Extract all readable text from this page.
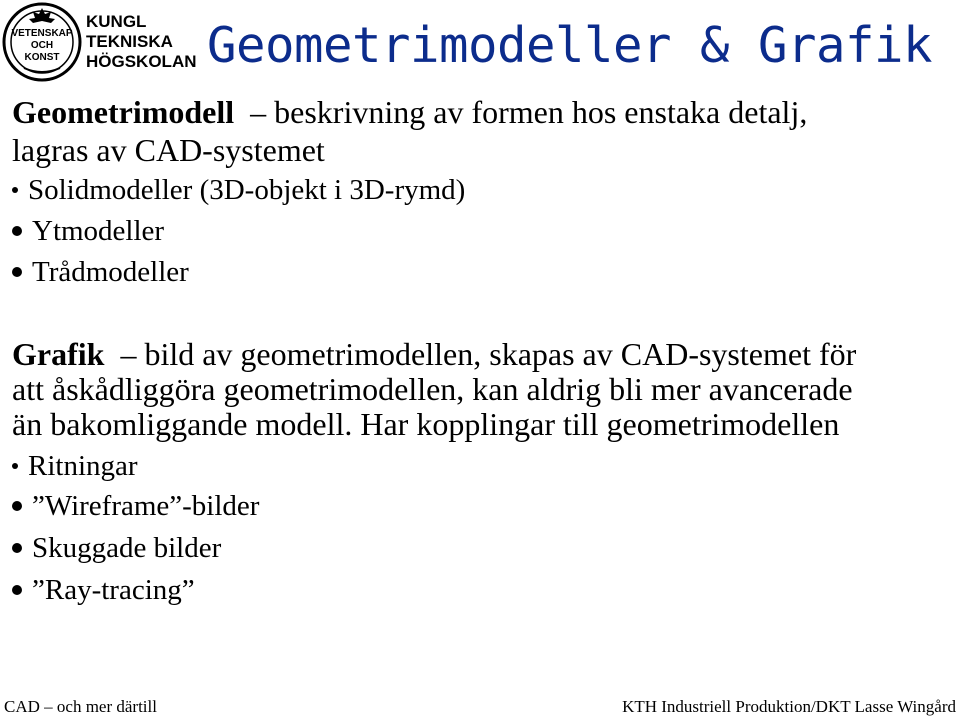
VETENSKAP
OCH
KONST
KUNGL
TEKNISKA
HÖGSKOLAN Geometrimodeller & Grafik
Geometrimodell – beskrivning av formen hos enstaka detalj,
lagras av CAD-systemet
Solidmodeller (3D-objekt i 3D-rymd)
Ytmodeller
Trådmodeller
Grafik – bild av geometrimodellen, skapas av CAD-systemet för
att åskådliggöra geometrimodellen, kan aldrig bli mer avancerade
än bakomliggande modell. Har kopplingar till geometrimodellen
Ritningar
”Wireframe”-bilder
Skuggade bilder
”Ray-tracing”
CAD – och mer därtill	KTH Industriell Produktion/DKT Lasse Wingård
